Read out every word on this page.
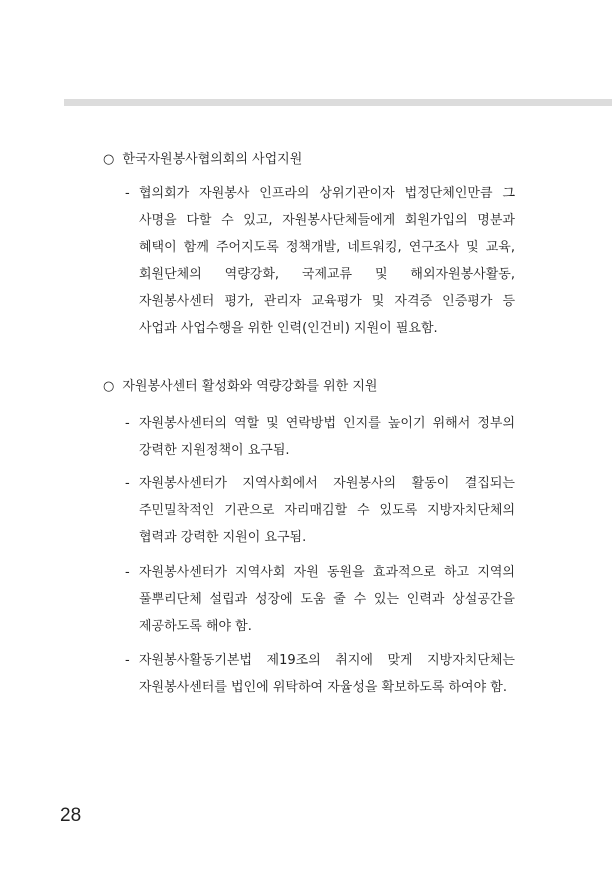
○ 한국자원봉사협의회의 사업지원
- 협의회가 자원봉사 인프라의 상위기관이자 법정단체인만큼 그 사명을 다할 수 있고, 자원봉사단체들에게 회원가입의 명분과 혜택이 함께 주어지도록 정책개발, 네트워킹, 연구조사 및 교육, 회원단체의 역량강화, 국제교류 및 해외자원봉사활동, 자원봉사센터 평가, 관리자 교육평가 및 자격증 인증평가 등 사업과 사업수행을 위한 인력(인건비) 지원이 필요함.
○ 자원봉사센터 활성화와 역량강화를 위한 지원
- 자원봉사센터의 역할 및 연락방법 인지를 높이기 위해서 정부의 강력한 지원정책이 요구됨.
- 자원봉사센터가 지역사회에서 자원봉사의 활동이 결집되는 주민밀착적인 기관으로 자리매김할 수 있도록 지방자치단체의 협력과 강력한 지원이 요구됨.
- 자원봉사센터가 지역사회 자원 동원을 효과적으로 하고 지역의 풀뿌리단체 설립과 성장에 도움 줄 수 있는 인력과 상설공간을 제공하도록 해야 함.
- 자원봉사활동기본법 제19조의 취지에 맞게 지방자치단체는 자원봉사센터를 법인에 위탁하여 자율성을 확보하도록 하여야 함.
28
